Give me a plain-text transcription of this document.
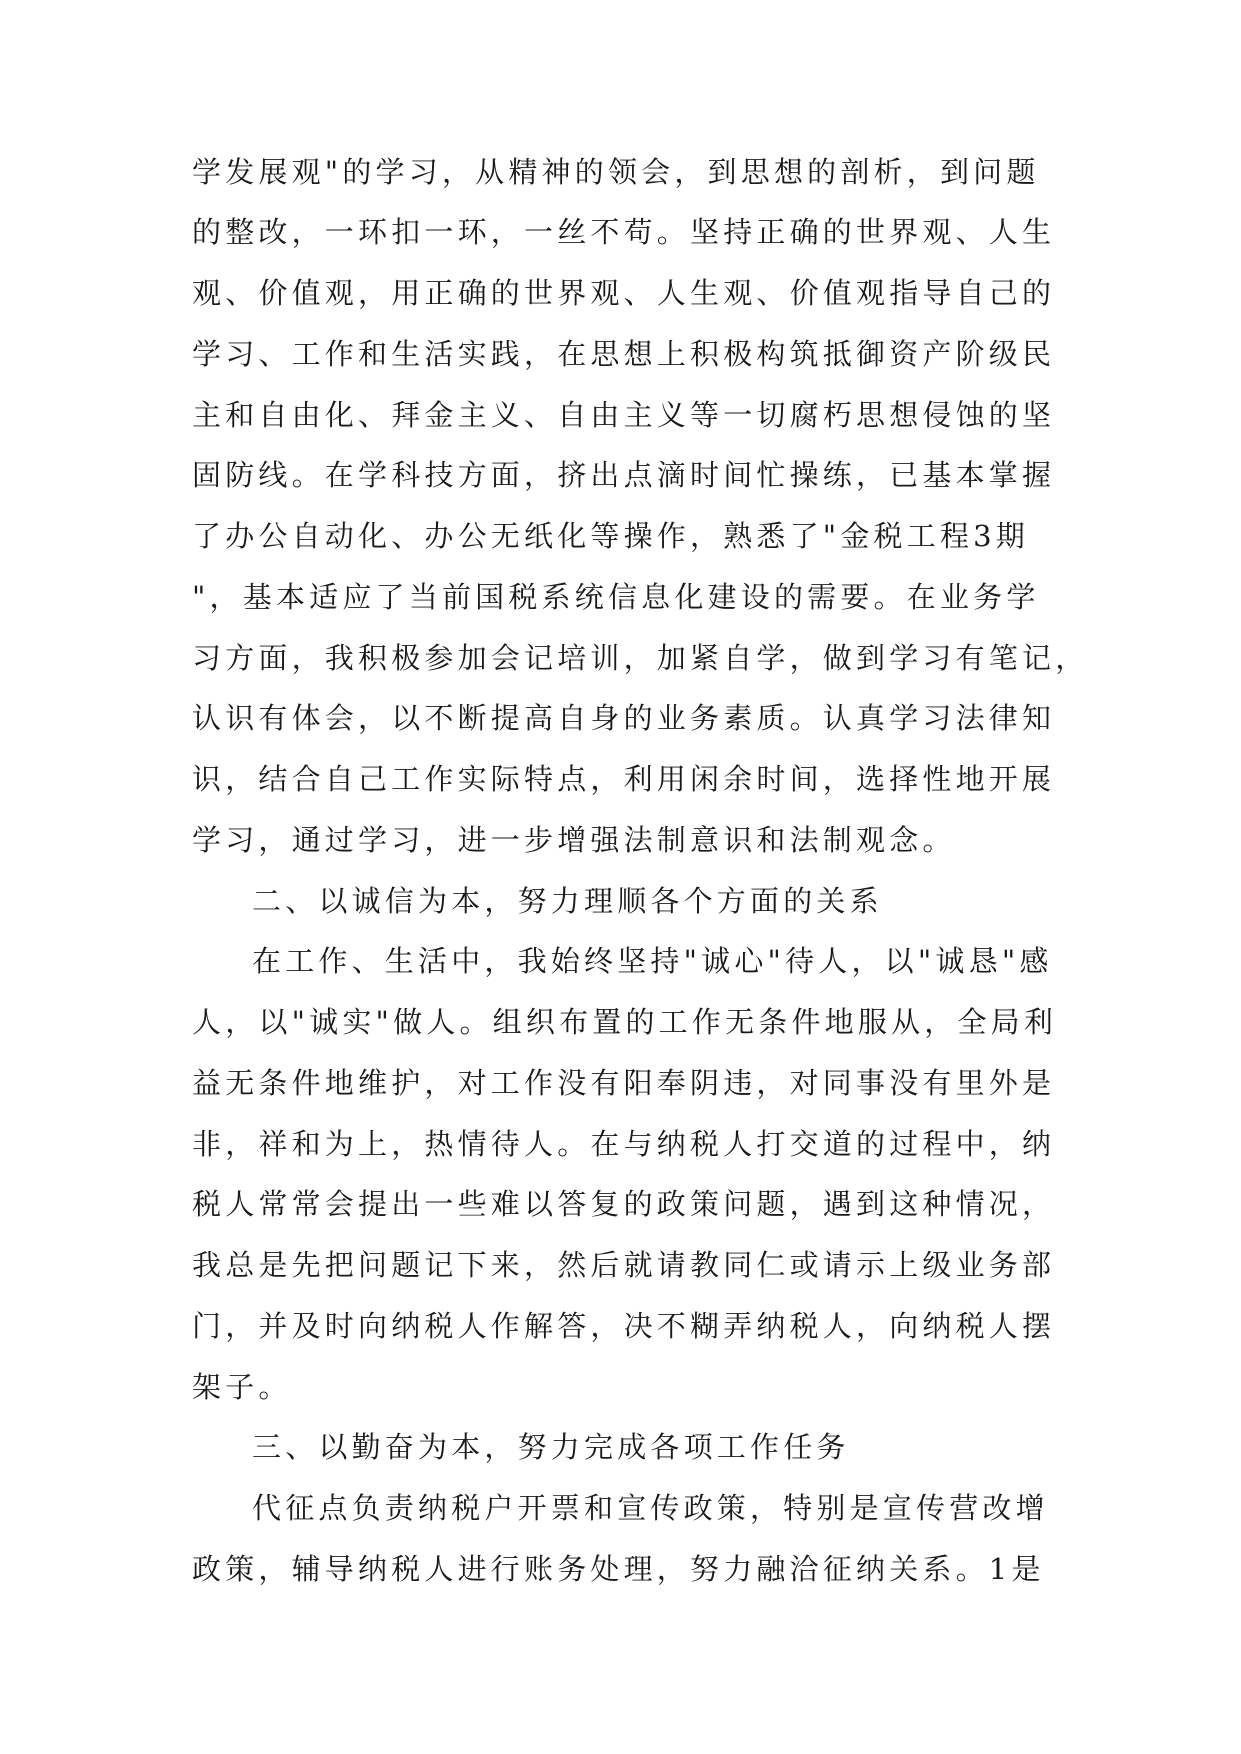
学发展观"的学习，从精神的领会，到思想的剖析，到问题
的整改，一环扣一环，一丝不苟。坚持正确的世界观、人生
观、价值观，用正确的世界观、人生观、价值观指导自己的
学习、工作和生活实践，在思想上积极构筑抵御资产阶级民
主和自由化、拜金主义、自由主义等一切腐朽思想侵蚀的坚
固防线。在学科技方面，挤出点滴时间忙操练，已基本掌握
了办公自动化、办公无纸化等操作，熟悉了"金税工程3期
"，基本适应了当前国税系统信息化建设的需要。在业务学
习方面，我积极参加会记培训，加紧自学，做到学习有笔记，
认识有体会，以不断提高自身的业务素质。认真学习法律知
识，结合自己工作实际特点，利用闲余时间，选择性地开展
学习，通过学习，进一步增强法制意识和法制观念。
二、以诚信为本，努力理顺各个方面的关系
在工作、生活中，我始终坚持"诚心"待人，以"诚恳"感
人，以"诚实"做人。组织布置的工作无条件地服从，全局利
益无条件地维护，对工作没有阳奉阴违，对同事没有里外是
非，祥和为上，热情待人。在与纳税人打交道的过程中，纳
税人常常会提出一些难以答复的政策问题，遇到这种情况，
我总是先把问题记下来，然后就请教同仁或请示上级业务部
门，并及时向纳税人作解答，决不糊弄纳税人，向纳税人摆
架子。
三、以勤奋为本，努力完成各项工作任务
代征点负责纳税户开票和宣传政策，特别是宣传营改增
政策，辅导纳税人进行账务处理，努力融洽征纳关系。1是
